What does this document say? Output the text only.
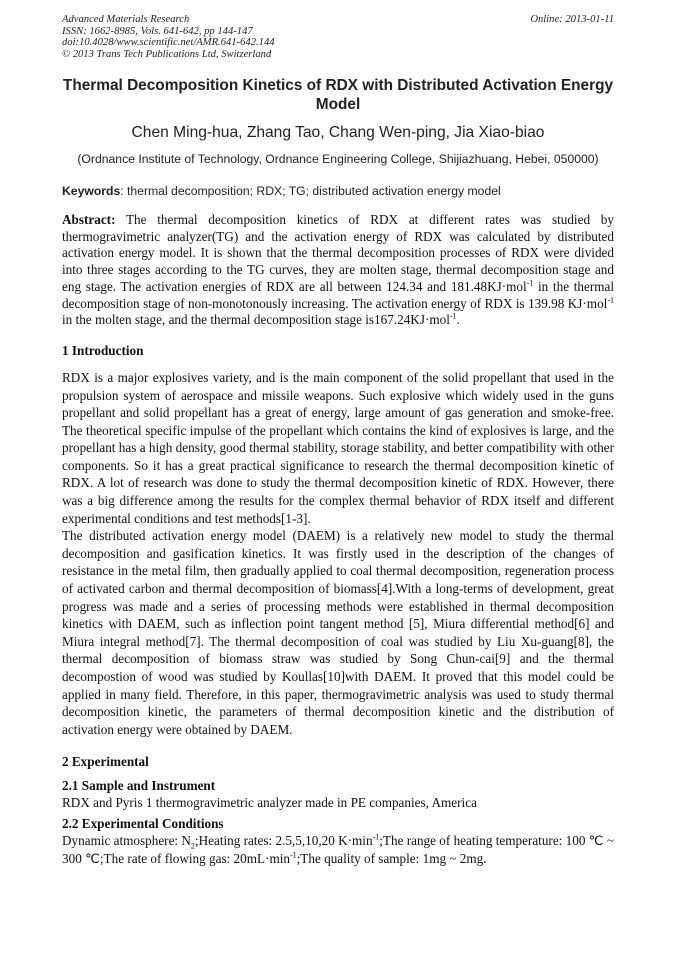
Advanced Materials Research
ISSN: 1662-8985, Vols. 641-642, pp 144-147
doi:10.4028/www.scientific.net/AMR.641-642.144
© 2013 Trans Tech Publications Ltd, Switzerland
Online: 2013-01-11
Thermal Decomposition Kinetics of RDX with Distributed Activation Energy Model
Chen Ming-hua, Zhang Tao, Chang Wen-ping, Jia Xiao-biao
(Ordnance Institute of Technology, Ordnance Engineering College, Shijiazhuang, Hebei, 050000)
Keywords: thermal decomposition; RDX; TG; distributed activation energy model
Abstract: The thermal decomposition kinetics of RDX at different rates was studied by thermogravimetric analyzer(TG) and the activation energy of RDX was calculated by distributed activation energy model. It is shown that the thermal decomposition processes of RDX were divided into three stages according to the TG curves, they are molten stage, thermal decomposition stage and eng stage. The activation energies of RDX are all between 124.34 and 181.48KJ·mol$^{-1}$ in the thermal decomposition stage of non-monotonously increasing. The activation energy of RDX is 139.98 KJ·mol$^{-1}$ in the molten stage, and the thermal decomposition stage is167.24KJ·mol$^{-1}$.
1 Introduction
RDX is a major explosives variety, and is the main component of the solid propellant that used in the propulsion system of aerospace and missile weapons. Such explosive which widely used in the guns propellant and solid propellant has a great of energy, large amount of gas generation and smoke-free. The theoretical specific impulse of the propellant which contains the kind of explosives is large, and the propellant has a high density, good thermal stability, storage stability, and better compatibility with other components. So it has a great practical significance to research the thermal decomposition kinetic of RDX. A lot of research was done to study the thermal decomposition kinetic of RDX. However, there was a big difference among the results for the complex thermal behavior of RDX itself and different experimental conditions and test methods[1-3].
The distributed activation energy model (DAEM) is a relatively new model to study the thermal decomposition and gasification kinetics. It was firstly used in the description of the changes of resistance in the metal film, then gradually applied to coal thermal decomposition, regeneration process of activated carbon and thermal decomposition of biomass[4].With a long-terms of development, great progress was made and a series of processing methods were established in thermal decomposition kinetics with DAEM, such as inflection point tangent method [5], Miura differential method[6] and Miura integral method[7]. The thermal decomposition of coal was studied by Liu Xu-guang[8], the thermal decomposition of biomass straw was studied by Song Chun-cai[9] and the thermal decompostion of wood was studied by Koullas[10]with DAEM. It proved that this model could be applied in many field. Therefore, in this paper, thermogravimetric analysis was used to study thermal decomposition kinetic, the parameters of thermal decomposition kinetic and the distribution of activation energy were obtained by DAEM.
2 Experimental
2.1 Sample and Instrument
RDX and Pyris 1 thermogravimetric analyzer made in PE companies, America
2.2 Experimental Conditions
Dynamic atmosphere: $N_2;Heating$ rates: 2.5,5,10,20 $K\cdot\min^{-1};The$ range of heating temperature: 100 ℃ ~ 300 ℃;The rate of flowing gas: $20mL\cdot\min^{-1};The$ quality of sample: 1mg ~ 2mg.
